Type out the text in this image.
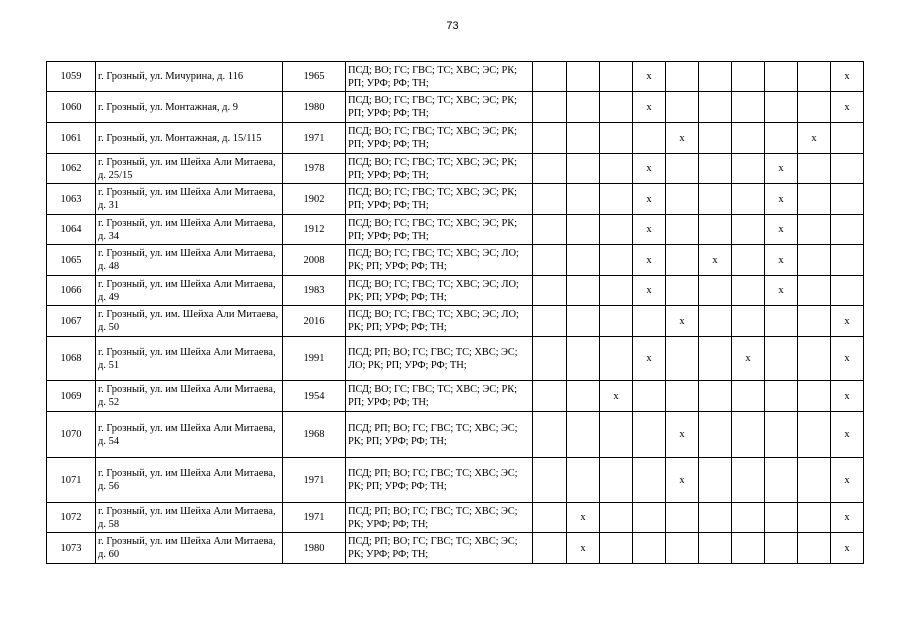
73
1059	г. Грозный, ул. Мичурина, д. 116	1965	ПСД; ВО; ГС; ГВС; ТС; ХВС; ЭС; РК; РП; УРФ; РФ; ТН;				х						х
1060	г. Грозный, ул. Монтажная, д. 9	1980	ПСД; ВО; ГС; ГВС; ТС; ХВС; ЭС; РК; РП; УРФ; РФ; ТН;				х						х
1061	г. Грозный, ул. Монтажная, д. 15/115	1971	ПСД; ВО; ГС; ГВС; ТС; ХВС; ЭС; РК; РП; УРФ; РФ; ТН;					х				х	
1062	г. Грозный, ул. им Шейха Али Митаева, д. 25/15	1978	ПСД; ВО; ГС; ГВС; ТС; ХВС; ЭС; РК; РП; УРФ; РФ; ТН;				х				х		
1063	г. Грозный, ул. им Шейха Али Митаева, д. 31	1902	ПСД; ВО; ГС; ГВС; ТС; ХВС; ЭС; РК; РП; УРФ; РФ; ТН;				х				х		
1064	г. Грозный, ул. им Шейха Али Митаева, д. 34	1912	ПСД; ВО; ГС; ГВС; ТС; ХВС; ЭС; РК; РП; УРФ; РФ; ТН;				х				х		
1065	г. Грозный, ул. им Шейха Али Митаева, д. 48	2008	ПСД; ВО; ГС; ГВС; ТС; ХВС; ЭС; ЛО; РК; РП; УРФ; РФ; ТН;				х		х		х		
1066	г. Грозный, ул. им Шейха Али Митаева, д. 49	1983	ПСД; ВО; ГС; ГВС; ТС; ХВС; ЭС; ЛО; РК; РП; УРФ; РФ; ТН;				х				х		
1067	г. Грозный, ул. им. Шейха Али Митаева, д. 50	2016	ПСД; ВО; ГС; ГВС; ТС; ХВС; ЭС; ЛО; РК; РП; УРФ; РФ; ТН;					х					х
1068	г. Грозный, ул. им Шейха Али Митаева, д. 51	1991	ПСД; РП; ВО; ГС; ГВС; ТС; ХВС; ЭС; ЛО; РК; РП; УРФ; РФ; ТН;				х			х			х
1069	г. Грозный, ул. им Шейха Али Митаева, д. 52	1954	ПСД; ВО; ГС; ГВС; ТС; ХВС; ЭС; РК; РП; УРФ; РФ; ТН;			х							х
1070	г. Грозный, ул. им Шейха Али Митаева, д. 54	1968	ПСД; РП; ВО; ГС; ГВС; ТС; ХВС; ЭС; РК; РП; УРФ; РФ; ТН;					х					х
1071	г. Грозный, ул. им Шейха Али Митаева, д. 56	1971	ПСД; РП; ВО; ГС; ГВС; ТС; ХВС; ЭС; РК; РП; УРФ; РФ; ТН;					х					х
1072	г. Грозный, ул. им Шейха Али Митаева, д. 58	1971	ПСД; РП; ВО; ГС; ГВС; ТС; ХВС; ЭС; РК; УРФ; РФ; ТН;		х								х
1073	г. Грозный, ул. им Шейха Али Митаева, д. 60	1980	ПСД; РП; ВО; ГС; ГВС; ТС; ХВС; ЭС; РК; УРФ; РФ; ТН;		х								х
